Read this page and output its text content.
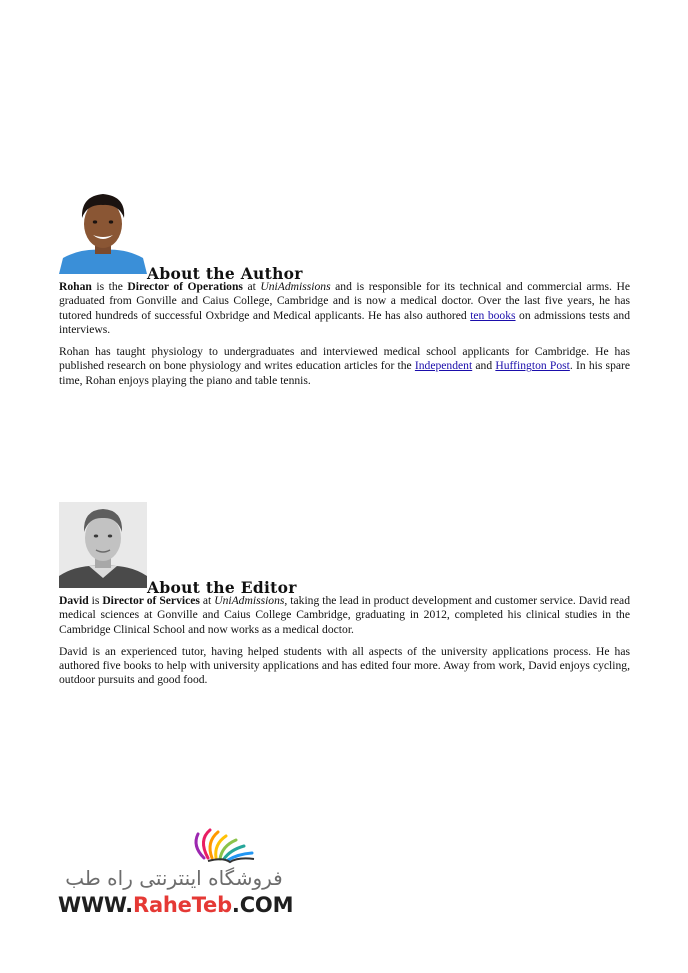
About the Author

Rohan is the Director of Operations at UniAdmissions and is responsible for its technical and commercial arms. He graduated from Gonville and Caius College, Cambridge and is now a medical doctor. Over the last five years, he has tutored hundreds of successful Oxbridge and Medical applicants. He has also authored ten books on admissions tests and interviews.

Rohan has taught physiology to undergraduates and interviewed medical school applicants for Cambridge. He has published research on bone physiology and writes education articles for the Independent and Huffington Post. In his spare time, Rohan enjoys playing the piano and table tennis.

About the Editor

David is Director of Services at UniAdmissions, taking the lead in product development and customer service. David read medical sciences at Gonville and Caius College Cambridge, graduating in 2012, completed his clinical studies in the Cambridge Clinical School and now works as a medical doctor.

David is an experienced tutor, having helped students with all aspects of the university applications process. He has authored five books to help with university applications and has edited four more. Away from work, David enjoys cycling, outdoor pursuits and good food.

فروشگاه اینترنتی راه طب
WWW.RaheTeb.COM
